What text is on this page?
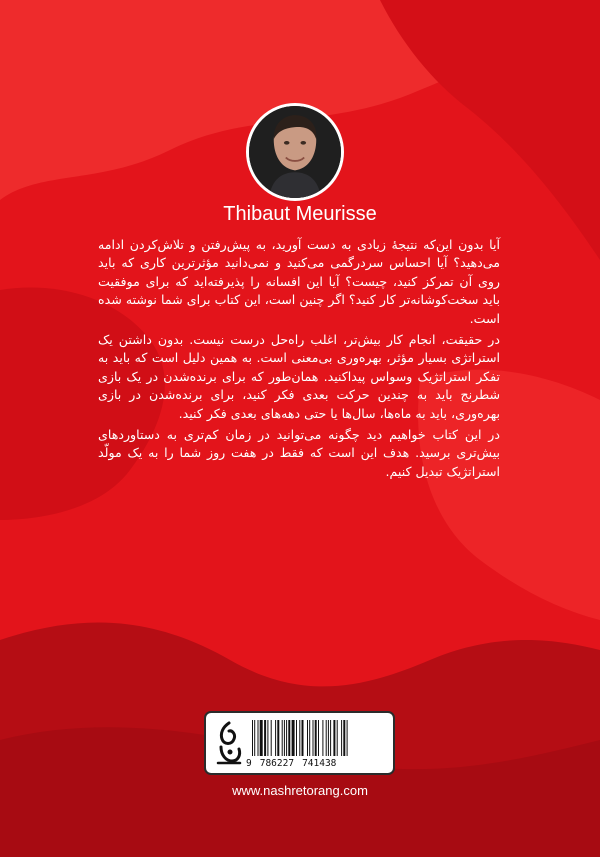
Thibaut Meurisse

آیا بدون این‌که نتیجهٔ زیادی به دست آورید، به پیش‌رفتن و تلاش‌کردن ادامه می‌دهید؟ آیا احساس سردرگمی می‌کنید و نمی‌دانید مؤثرترین کاری که باید روی آن تمرکز کنید، چیست؟ آیا این افسانه را پذیرفته‌اید که برای موفقیت باید سخت‌کوشانه‌تر کار کنید؟ اگر چنین است، این کتاب برای شما نوشته شده است.

در حقیقت، انجام کار بیش‌تر، اغلب راه‌حل درست نیست. بدون داشتن یک استراتژی بسیار مؤثر، بهره‌وری بی‌معنی است. به همین دلیل است که باید به تفکر استراتژیک وسواس پیداکنید. همان‌طور که برای برنده‌شدن در یک بازی شطرنج باید به چندین حرکت بعدی فکر کنید، برای برنده‌شدن در بازی بهره‌وری، باید به ماه‌ها، سال‌ها یا حتی دهه‌های بعدی فکر کنید.

در این کتاب خواهیم دید چگونه می‌توانید در زمان کم‌تری به دستاوردهای بیش‌تری برسید. هدف این است که فقط در هفت روز شما را به یک مولّد استراتژیک تبدیل کنیم.

9 786227 741438
www.nashretorang.com
